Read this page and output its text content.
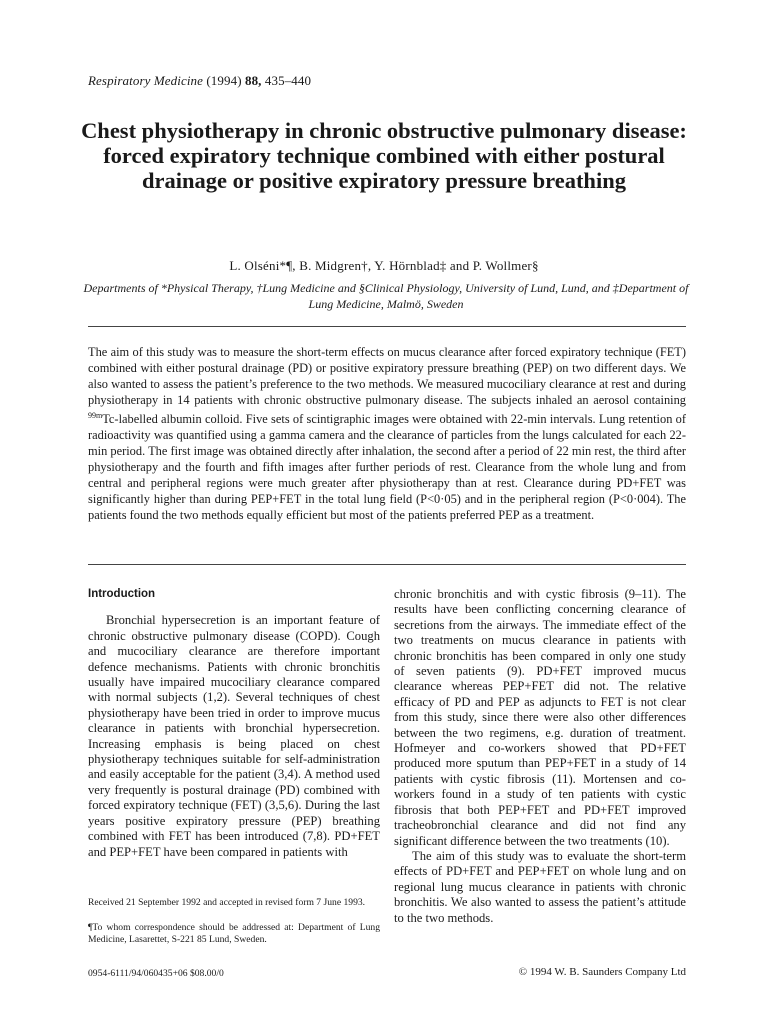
Respiratory Medicine (1994) 88, 435–440
Chest physiotherapy in chronic obstructive pulmonary disease: forced expiratory technique combined with either postural drainage or positive expiratory pressure breathing
L. Olséni*¶, B. Midgren†, Y. Hörnblad‡ and P. Wollmer§
Departments of *Physical Therapy, †Lung Medicine and §Clinical Physiology, University of Lund, Lund, and ‡Department of Lung Medicine, Malmö, Sweden

The aim of this study was to measure the short-term effects on mucus clearance after forced expiratory technique (FET) combined with either postural drainage (PD) or positive expiratory pressure breathing (PEP) on two different days. We also wanted to assess the patient’s preference to the two methods. We measured mucociliary clearance at rest and during physiotherapy in 14 patients with chronic obstructive pulmonary disease. The subjects inhaled an aerosol containing $^{99m}$Tc-labelled albumin colloid. Five sets of scintigraphic images were obtained with 22-min intervals. Lung retention of radioactivity was quantified using a gamma camera and the clearance of particles from the lungs calculated for each 22-min period. The first image was obtained directly after inhalation, the second after a period of 22 min rest, the third after physiotherapy and the fourth and fifth images after further periods of rest. Clearance from the whole lung and from central and peripheral regions were much greater after physiotherapy than at rest. Clearance during PD+FET was significantly higher than during PEP+FET in the total lung field (P<0·05) and in the peripheral region (P<0·004). The patients found the two methods equally efficient but most of the patients preferred PEP as a treatment.

Introduction

Bronchial hypersecretion is an important feature of chronic obstructive pulmonary disease (COPD). Cough and mucociliary clearance are therefore important defence mechanisms. Patients with chronic bronchitis usually have impaired mucociliary clearance compared with normal subjects (1,2). Several techniques of chest physiotherapy have been tried in order to improve mucus clearance in patients with bronchial hypersecretion. Increasing emphasis is being placed on chest physiotherapy techniques suitable for self-administration and easily acceptable for the patient (3,4). A method used very frequently is postural drainage (PD) combined with forced expiratory technique (FET) (3,5,6). During the last years positive expiratory pressure (PEP) breathing combined with FET has been introduced (7,8). PD+FET and PEP+FET have been compared in patients with

chronic bronchitis and with cystic fibrosis (9–11). The results have been conflicting concerning clearance of secretions from the airways. The immediate effect of the two treatments on mucus clearance in patients with chronic bronchitis has been compared in only one study of seven patients (9). PD+FET improved mucus clearance whereas PEP+FET did not. The relative efficacy of PD and PEP as adjuncts to FET is not clear from this study, since there were also other differences between the two regimens, e.g. duration of treatment. Hofmeyer and co-workers showed that PD+FET produced more sputum than PEP+FET in a study of 14 patients with cystic fibrosis (11). Mortensen and co-workers found in a study of ten patients with cystic fibrosis that both PEP+FET and PD+FET improved tracheobronchial clearance and did not find any significant difference between the two treatments (10).

The aim of this study was to evaluate the short-term effects of PD+FET and PEP+FET on whole lung and on regional lung mucus clearance in patients with chronic bronchitis. We also wanted to assess the patient’s attitude to the two methods.

Received 21 September 1992 and accepted in revised form 7 June 1993.

¶To whom correspondence should be addressed at: Department of Lung Medicine, Lasarettet, S-221 85 Lund, Sweden.

0954-6111/94/060435+06 $08.00/0	© 1994 W. B. Saunders Company Ltd
